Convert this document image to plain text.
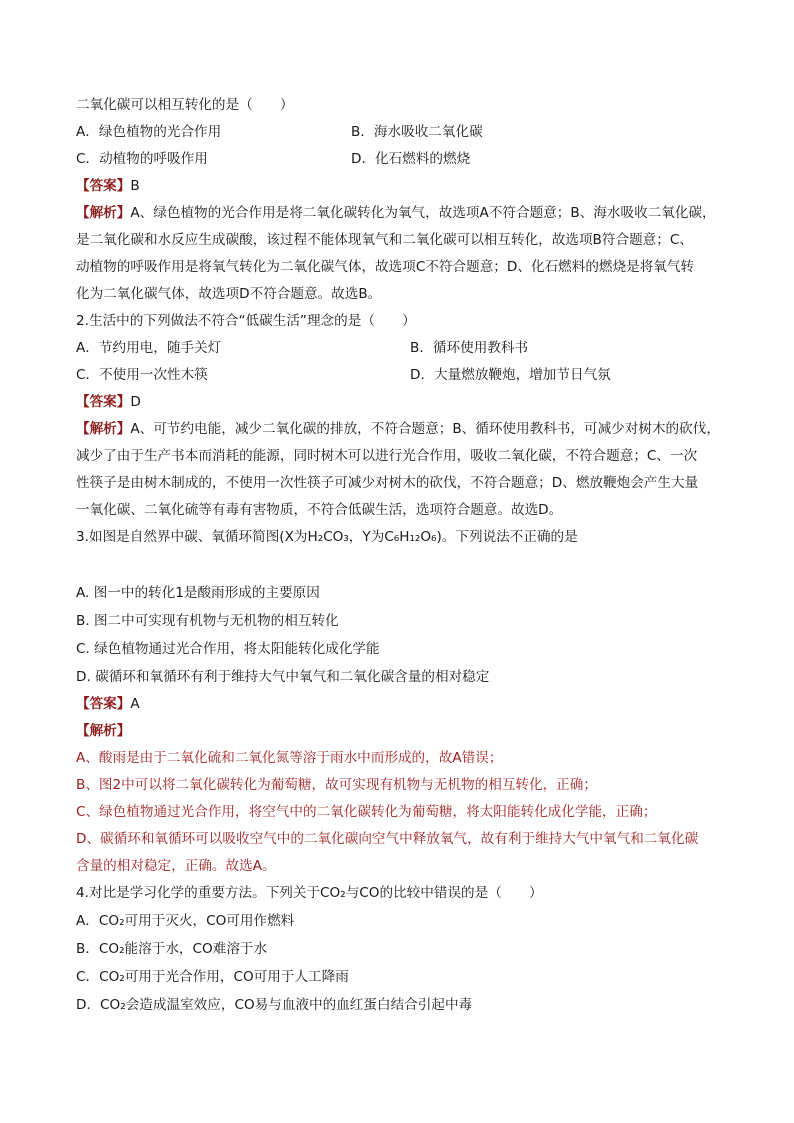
二氧化碳可以相互转化的是（　　）
A．绿色植物的光合作用	B．海水吸收二氧化碳
C．动植物的呼吸作用	D．化石燃料的燃烧
【答案】B
【解析】A、绿色植物的光合作用是将二氧化碳转化为氧气，故选项A不符合题意；B、海水吸收二氧化碳，
是二氧化碳和水反应生成碳酸，该过程不能体现氧气和二氧化碳可以相互转化，故选项B符合题意；C、
动植物的呼吸作用是将氧气转化为二氧化碳气体，故选项C不符合题意；D、化石燃料的燃烧是将氧气转
化为二氧化碳气体，故选项D不符合题意。故选B。
2.生活中的下列做法不符合“低碳生活”理念的是（　　）
A．节约用电，随手关灯	B．循环使用教科书
C．不使用一次性木筷	D．大量燃放鞭炮，增加节日气氛
【答案】D
【解析】A、可节约电能，减少二氧化碳的排放，不符合题意；B、循环使用教科书，可减少对树木的砍伐，
减少了由于生产书本而消耗的能源，同时树木可以进行光合作用，吸收二氧化碳，不符合题意；C、一次
性筷子是由树木制成的，不使用一次性筷子可减少对树木的砍伐，不符合题意；D、燃放鞭炮会产生大量
一氧化碳、二氧化硫等有毒有害物质，不符合低碳生活，选项符合题意。故选D。
3.如图是自然界中碳、氧循环简图(X为H₂CO₃，Y为C₆H₁₂O₆)。下列说法不正确的是
A. 图一中的转化1是酸雨形成的主要原因
B. 图二中可实现有机物与无机物的相互转化
C. 绿色植物通过光合作用，将太阳能转化成化学能
D. 碳循环和氧循环有利于维持大气中氧气和二氧化碳含量的相对稳定
【答案】A
【解析】
A、酸雨是由于二氧化硫和二氧化氮等溶于雨水中而形成的，故A错误；
B、图2中可以将二氧化碳转化为葡萄糖，故可实现有机物与无机物的相互转化，正确；
C、绿色植物通过光合作用，将空气中的二氧化碳转化为葡萄糖，将太阳能转化成化学能，正确；
D、碳循环和氧循环可以吸收空气中的二氧化碳向空气中释放氧气，故有利于维持大气中氧气和二氧化碳
含量的相对稳定，正确。故选A。
4.对比是学习化学的重要方法。下列关于CO₂与CO的比较中错误的是（　　）
A．CO₂可用于灭火，CO可用作燃料
B．CO₂能溶于水，CO难溶于水
C．CO₂可用于光合作用，CO可用于人工降雨
D．CO₂会造成温室效应，CO易与血液中的血红蛋白结合引起中毒
